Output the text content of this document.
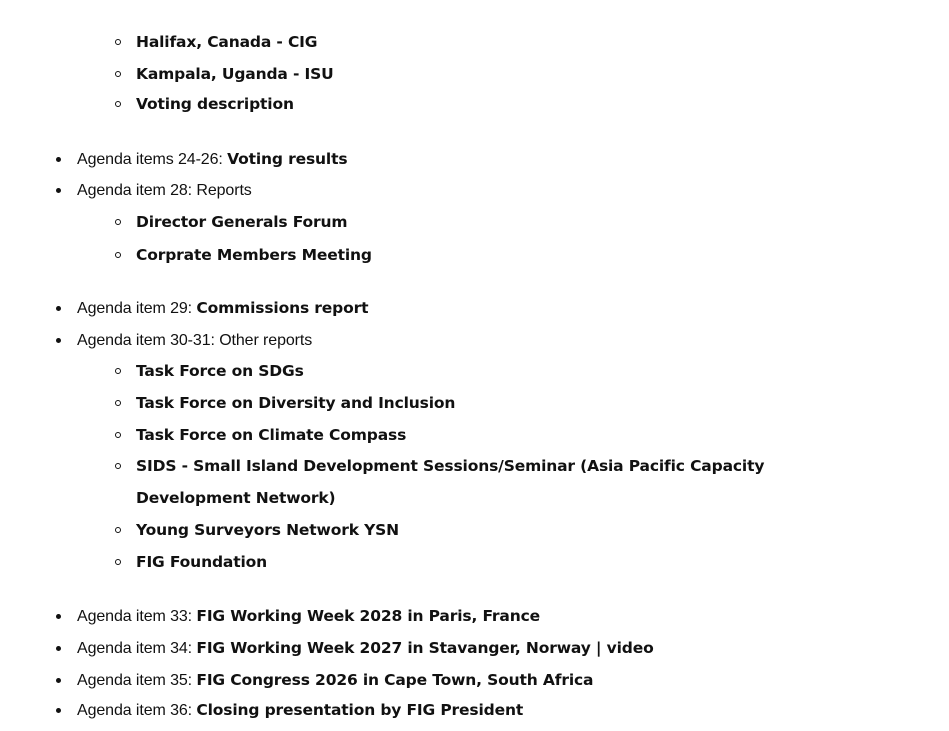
Halifax, Canada - CIG
Kampala, Uganda - ISU
Voting description
Agenda items 24-26: Voting results
Agenda item 28: Reports
Director Generals Forum
Corprate Members Meeting
Agenda item 29: Commissions report
Agenda item 30-31: Other reports
Task Force on SDGs
Task Force on Diversity and Inclusion
Task Force on Climate Compass
SIDS - Small Island Development Sessions/Seminar (Asia Pacific Capacity
Development Network)
Young Surveyors Network YSN
FIG Foundation
Agenda item 33: FIG Working Week 2028 in Paris, France
Agenda item 34: FIG Working Week 2027 in Stavanger, Norway | video
Agenda item 35: FIG Congress 2026 in Cape Town, South Africa
Agenda item 36: Closing presentation by FIG President
